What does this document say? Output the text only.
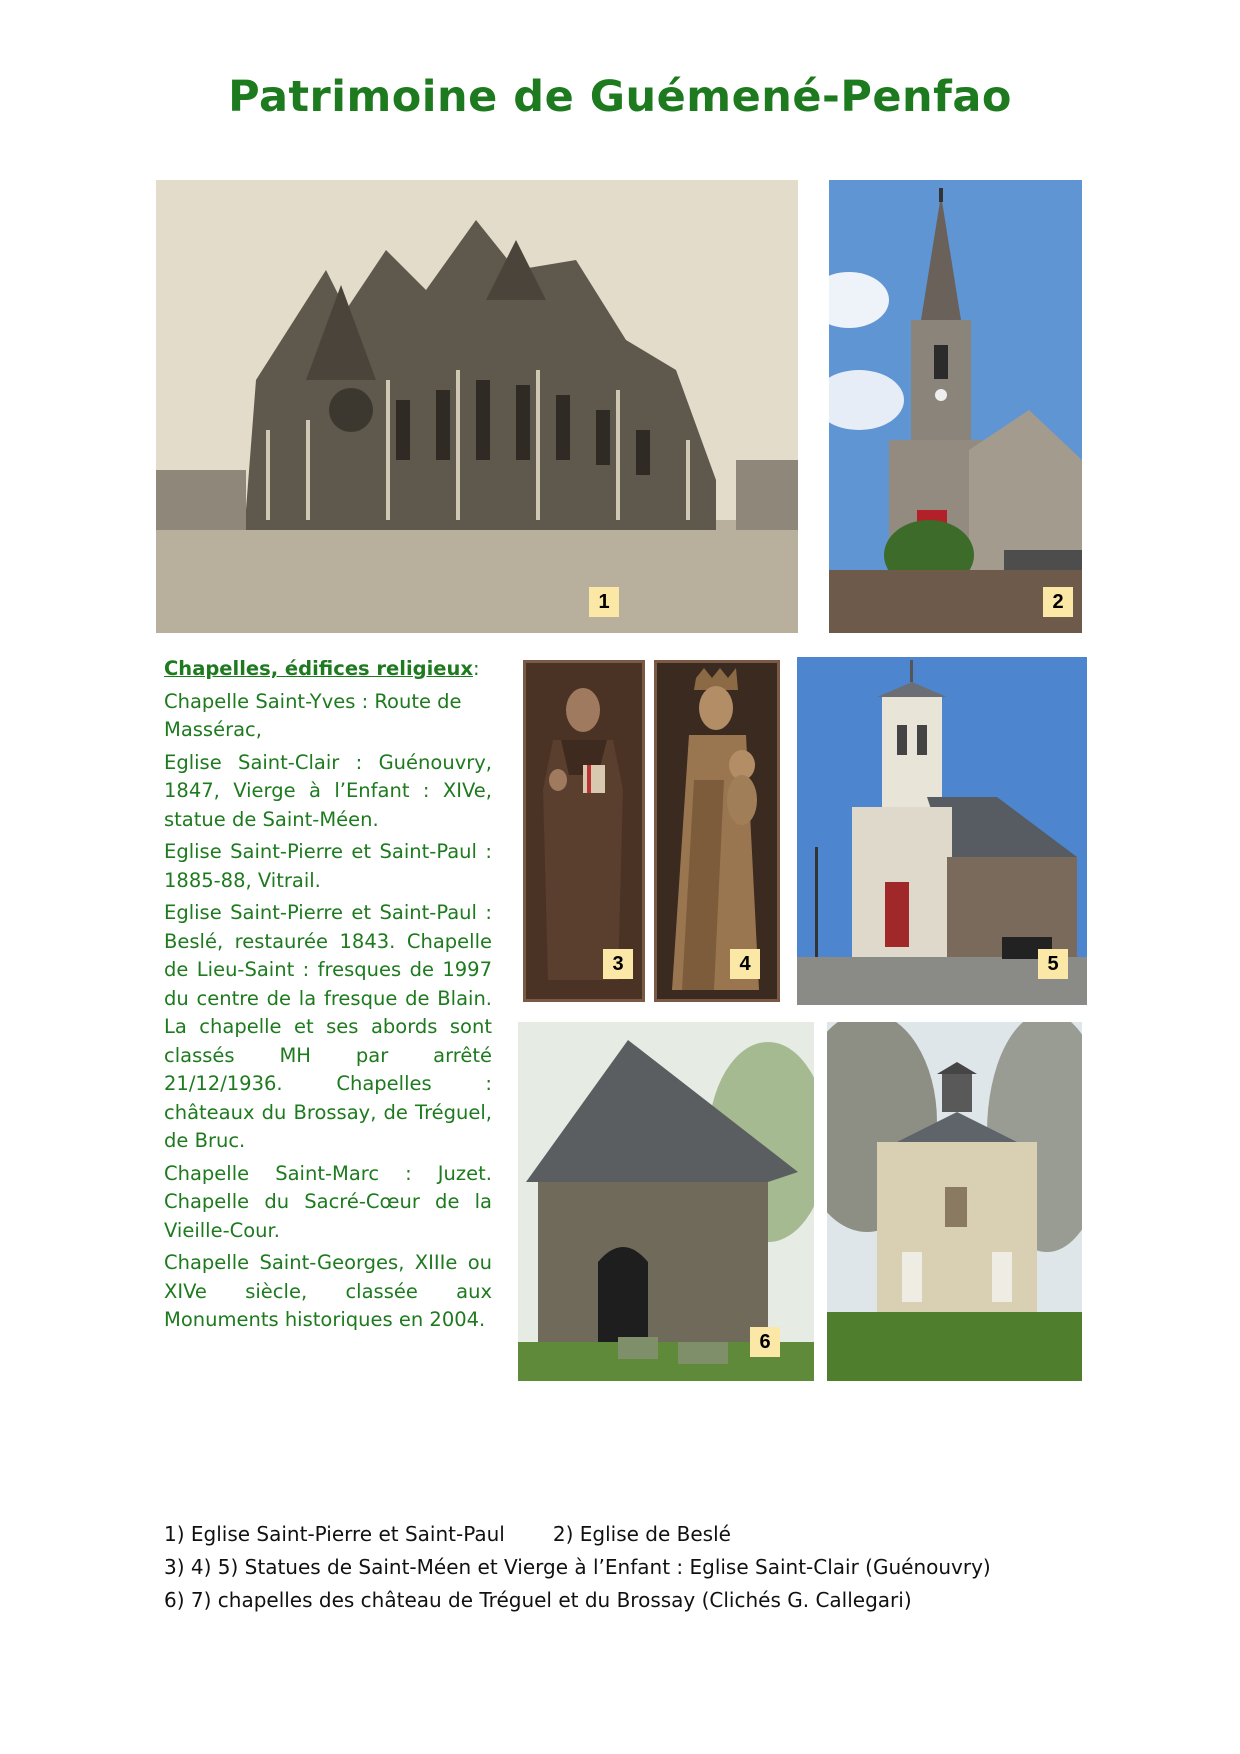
Patrimoine de Guémené-Penfao
1	2
3	4	5
6

Chapelles, édifices religieux:

Chapelle Saint-Yves : Route de Massérac,

Eglise Saint-Clair : Guénouvry, 1847, Vierge à l’Enfant : XIVe, statue de Saint-Méen.

Eglise Saint-Pierre et Saint-Paul : 1885-88, Vitrail.

Eglise Saint-Pierre et Saint-Paul : Beslé, restaurée 1843. Chapelle de Lieu-Saint : fresques de 1997 du centre de la fresque de Blain. La chapelle et ses abords sont classés MH par arrêté 21/12/1936. Chapelles : châteaux du Brossay, de Tréguel, de Bruc.

Chapelle Saint-Marc : Juzet. Chapelle du Sacré-Cœur de la Vieille-Cour.

Chapelle Saint-Georges, XIIIe ou XIVe siècle, classée aux Monuments historiques en 2004.

1) Eglise Saint-Pierre et Saint-Paul 2) Eglise de Beslé
3) 4) 5) Statues de Saint-Méen et Vierge à l’Enfant : Eglise Saint-Clair (Guénouvry)
6) 7) chapelles des château de Tréguel et du Brossay (Clichés G. Callegari)
